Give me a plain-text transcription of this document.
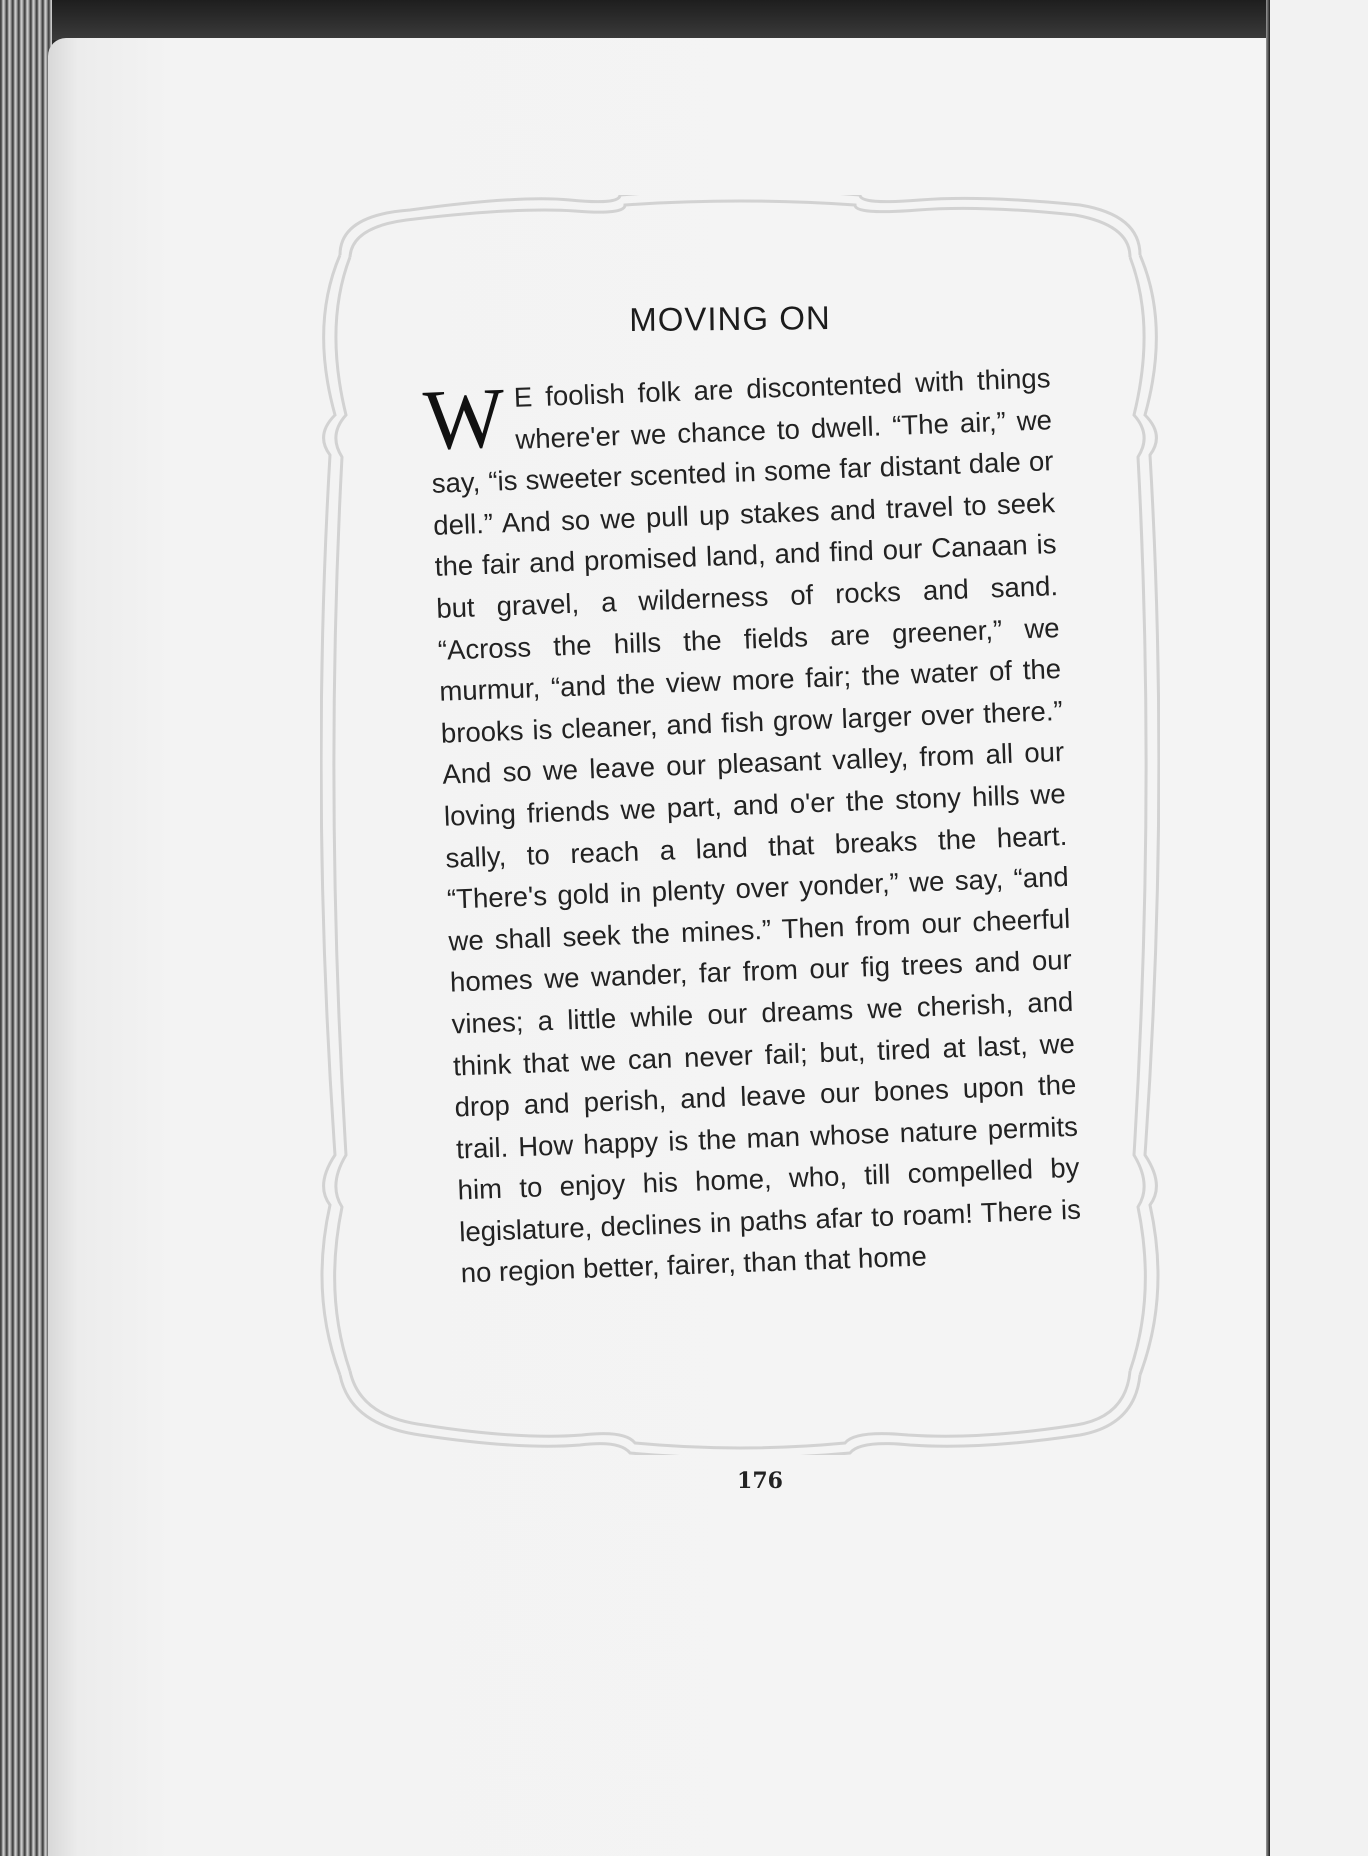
MOVING ON
W E foolish folk are discontented with things where'er we chance to dwell. “The air,” we say, “is sweeter scented in some far distant dale or dell.” And so we pull up stakes and travel to seek the fair and promised land, and find our Canaan is but gravel, a wilderness of rocks and sand. “Across the hills the fields are greener,” we murmur, “and the view more fair; the water of the brooks is cleaner, and fish grow larger over there.” And so we leave our pleasant valley, from all our loving friends we part, and o'er the stony hills we sally, to reach a land that breaks the heart. “There's gold in plenty over yonder,” we say, “and we shall seek the mines.” Then from our cheerful homes we wander, far from our fig trees and our vines; a little while our dreams we cherish, and think that we can never fail; but, tired at last, we drop and perish, and leave our bones upon the trail. How happy is the man whose nature permits him to enjoy his home, who, till compelled by legislature, declines in paths afar to roam! There is no region better, fairer, than that home
176
